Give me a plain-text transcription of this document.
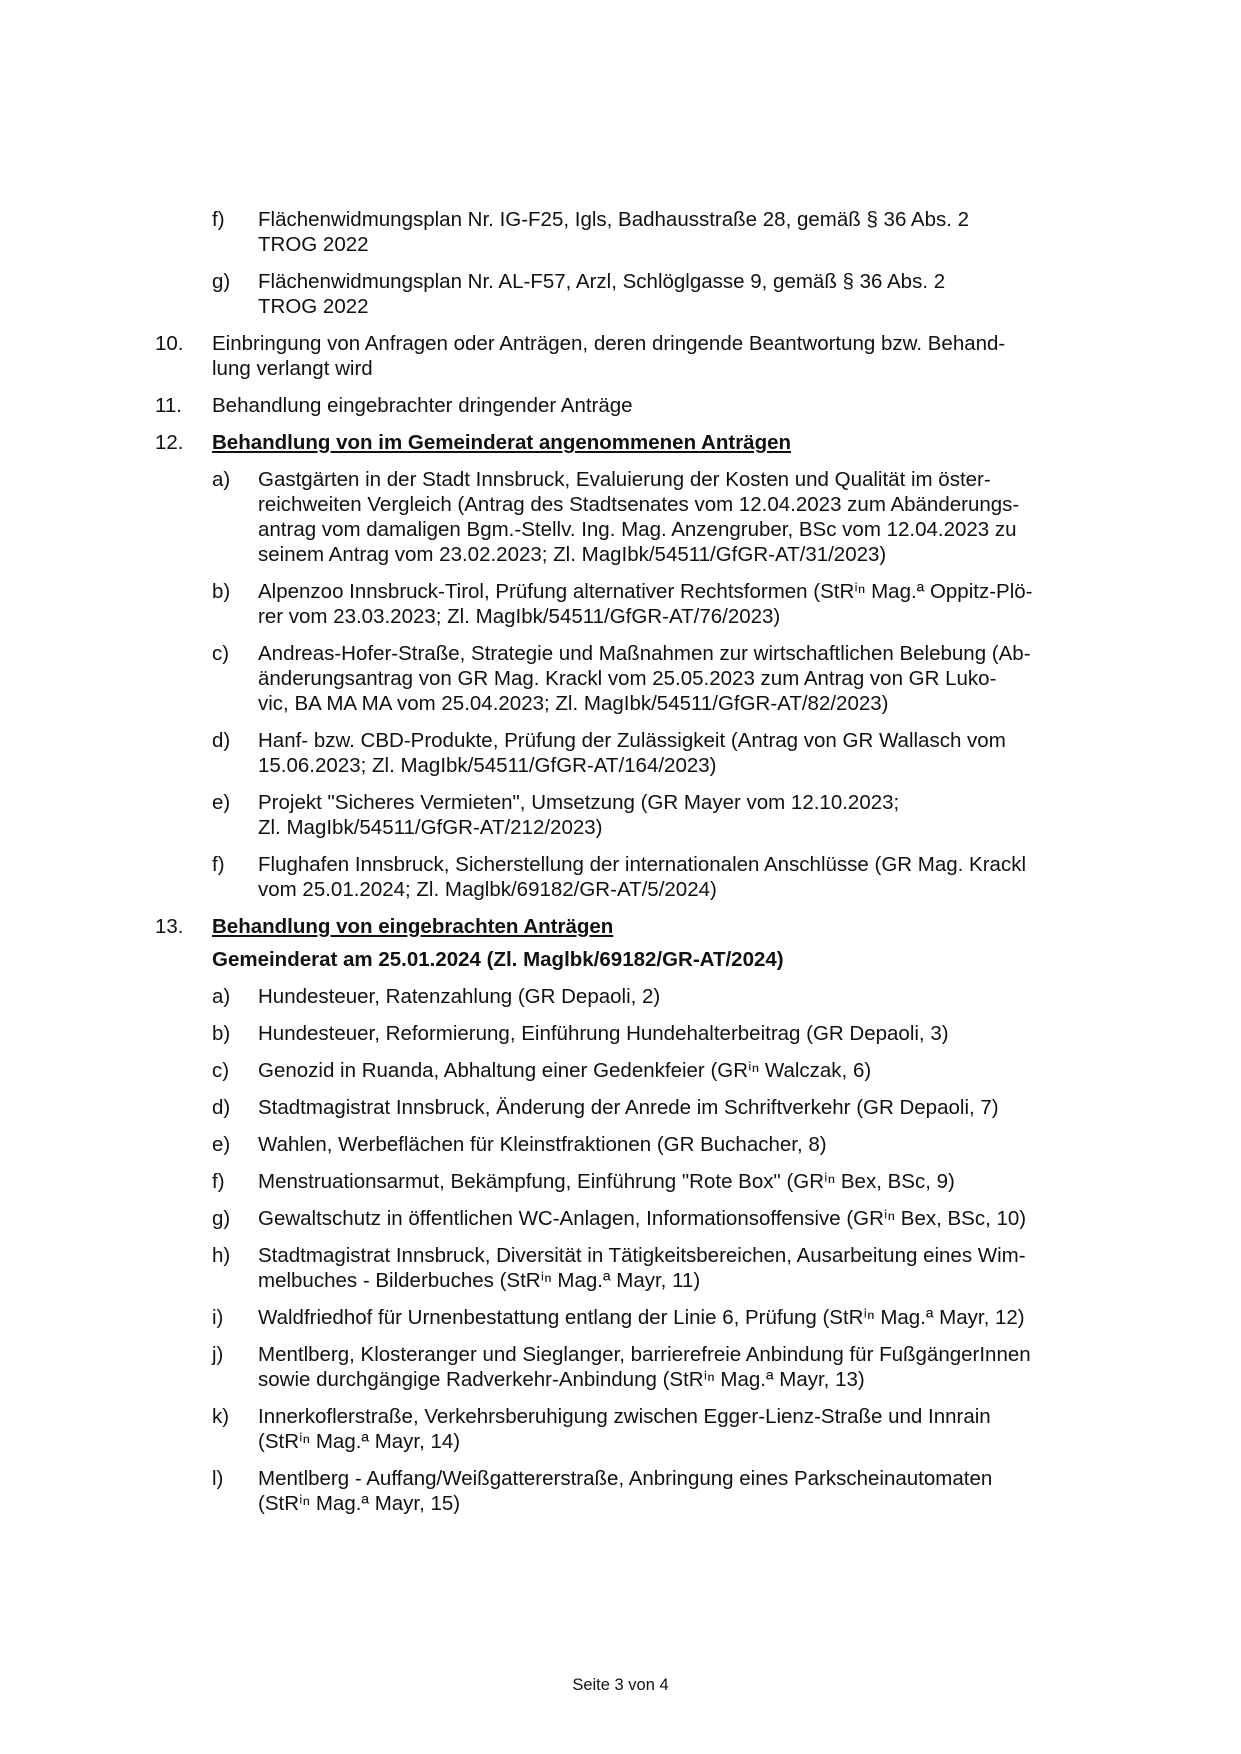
f)	Flächenwidmungsplan Nr. IG-F25, Igls, Badhausstraße 28, gemäß § 36 Abs. 2
TROG 2022
g)	Flächenwidmungsplan Nr. AL-F57, Arzl, Schlöglgasse 9, gemäß § 36 Abs. 2
TROG 2022
10.	Einbringung von Anfragen oder Anträgen, deren dringende Beantwortung bzw. Behand-
lung verlangt wird
11.	Behandlung eingebrachter dringender Anträge
12.	Behandlung von im Gemeinderat angenommenen Anträgen
a)	Gastgärten in der Stadt Innsbruck, Evaluierung der Kosten und Qualität im öster-
reichweiten Vergleich (Antrag des Stadtsenates vom 12.04.2023 zum Abänderungs-
antrag vom damaligen Bgm.-Stellv. Ing. Mag. Anzengruber, BSc vom 12.04.2023 zu
seinem Antrag vom 23.02.2023; Zl. MagIbk/54511/GfGR-AT/31/2023)
b)	Alpenzoo Innsbruck-Tirol, Prüfung alternativer Rechtsformen (StRⁱⁿ Mag.ª Oppitz-Plö-
rer vom 23.03.2023; Zl. MagIbk/54511/GfGR-AT/76/2023)
c)	Andreas-Hofer-Straße, Strategie und Maßnahmen zur wirtschaftlichen Belebung (Ab-
änderungsantrag von GR Mag. Krackl vom 25.05.2023 zum Antrag von GR Luko-
vic, BA MA MA vom 25.04.2023; Zl. MagIbk/54511/GfGR-AT/82/2023)
d)	Hanf- bzw. CBD-Produkte, Prüfung der Zulässigkeit (Antrag von GR Wallasch vom
15.06.2023; Zl. MagIbk/54511/GfGR-AT/164/2023)
e)	Projekt "Sicheres Vermieten", Umsetzung (GR Mayer vom 12.10.2023;
Zl. MagIbk/54511/GfGR-AT/212/2023)
f)	Flughafen Innsbruck, Sicherstellung der internationalen Anschlüsse (GR Mag. Krackl
vom 25.01.2024; Zl. Maglbk/69182/GR-AT/5/2024)
13.	Behandlung von eingebrachten Anträgen
Gemeinderat am 25.01.2024 (Zl. Maglbk/69182/GR-AT/2024)
a)	Hundesteuer, Ratenzahlung (GR Depaoli, 2)
b)	Hundesteuer, Reformierung, Einführung Hundehalterbeitrag (GR Depaoli, 3)
c)	Genozid in Ruanda, Abhaltung einer Gedenkfeier (GRⁱⁿ Walczak, 6)
d)	Stadtmagistrat Innsbruck, Änderung der Anrede im Schriftverkehr (GR Depaoli, 7)
e)	Wahlen, Werbeflächen für Kleinstfraktionen (GR Buchacher, 8)
f)	Menstruationsarmut, Bekämpfung, Einführung "Rote Box" (GRⁱⁿ Bex, BSc, 9)
g)	Gewaltschutz in öffentlichen WC-Anlagen, Informationsoffensive (GRⁱⁿ Bex, BSc, 10)
h)	Stadtmagistrat Innsbruck, Diversität in Tätigkeitsbereichen, Ausarbeitung eines Wim-
melbuches - Bilderbuches (StRⁱⁿ Mag.ª Mayr, 11)
i)	Waldfriedhof für Urnenbestattung entlang der Linie 6, Prüfung (StRⁱⁿ Mag.ª Mayr, 12)
j)	Mentlberg, Klosteranger und Sieglanger, barrierefreie Anbindung für FußgängerInnen
sowie durchgängige Radverkehr-Anbindung (StRⁱⁿ Mag.ª Mayr, 13)
k)	Innerkoflerstraße, Verkehrsberuhigung zwischen Egger-Lienz-Straße und Innrain
(StRⁱⁿ Mag.ª Mayr, 14)
l)	Mentlberg - Auffang/Weißgattererstraße, Anbringung eines Parkscheinautomaten
(StRⁱⁿ Mag.ª Mayr, 15)
Seite 3 von 4
